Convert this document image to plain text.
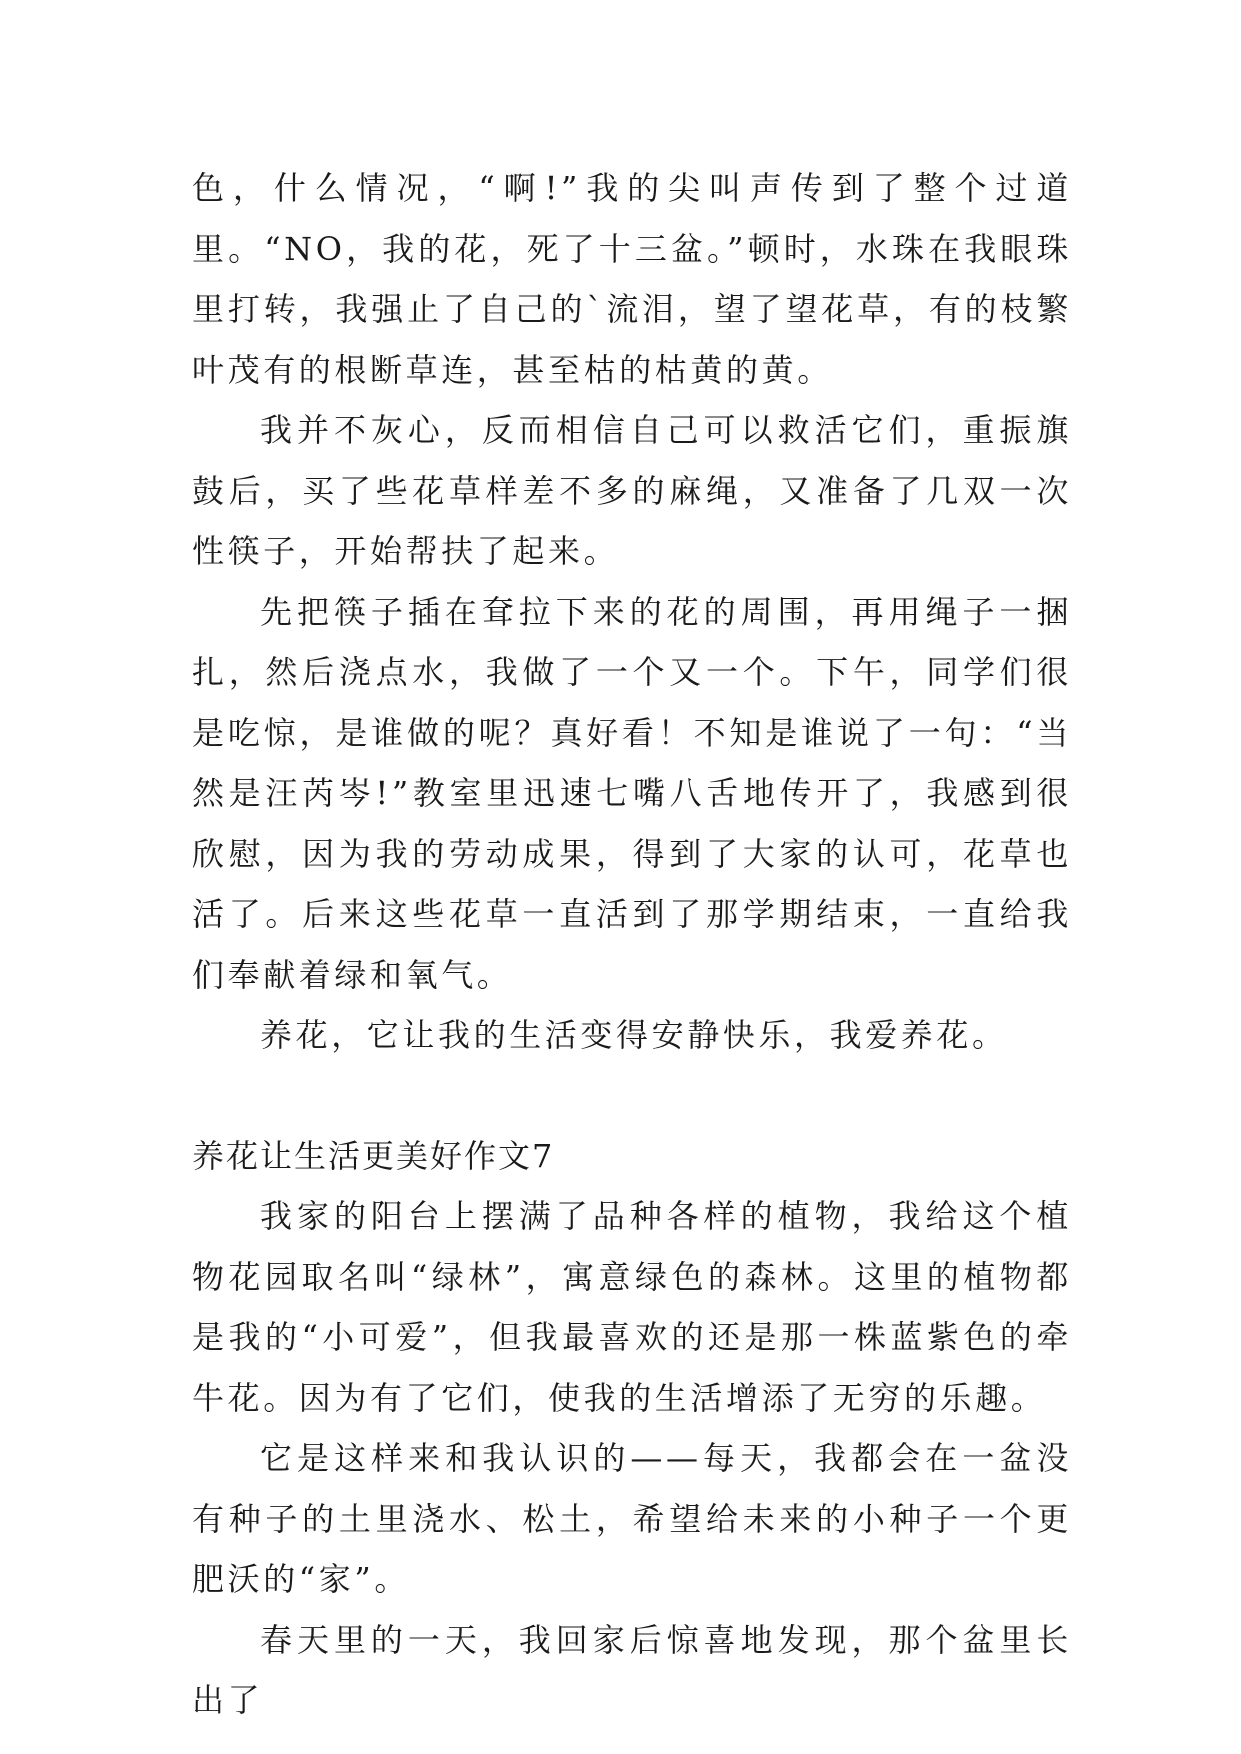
色，什么情况，“啊!”我的尖叫声传到了整个过道里。“NO，我的花，死了十三盆。”顿时，水珠在我眼珠里打转，我强止了自己的`流泪，望了望花草，有的枝繁叶茂有的根断草连，甚至枯的枯黄的黄。

我并不灰心，反而相信自己可以救活它们，重振旗鼓后，买了些花草样差不多的麻绳，又准备了几双一次性筷子，开始帮扶了起来。

先把筷子插在耷拉下来的花的周围，再用绳子一捆扎，然后浇点水，我做了一个又一个。下午，同学们很是吃惊，是谁做的呢？真好看！不知是谁说了一句：“当然是汪芮岑!”教室里迅速七嘴八舌地传开了，我感到很欣慰，因为我的劳动成果，得到了大家的认可，花草也活了。后来这些花草一直活到了那学期结束，一直给我们奉献着绿和氧气。

养花，它让我的生活变得安静快乐，我爱养花。

养花让生活更美好作文7

我家的阳台上摆满了品种各样的植物，我给这个植物花园取名叫“绿林”，寓意绿色的森林。这里的植物都是我的“小可爱”，但我最喜欢的还是那一株蓝紫色的牵牛花。因为有了它们，使我的生活增添了无穷的乐趣。

它是这样来和我认识的——每天，我都会在一盆没有种子的土里浇水、松土，希望给未来的小种子一个更肥沃的“家”。

春天里的一天，我回家后惊喜地发现，那个盆里长出了
